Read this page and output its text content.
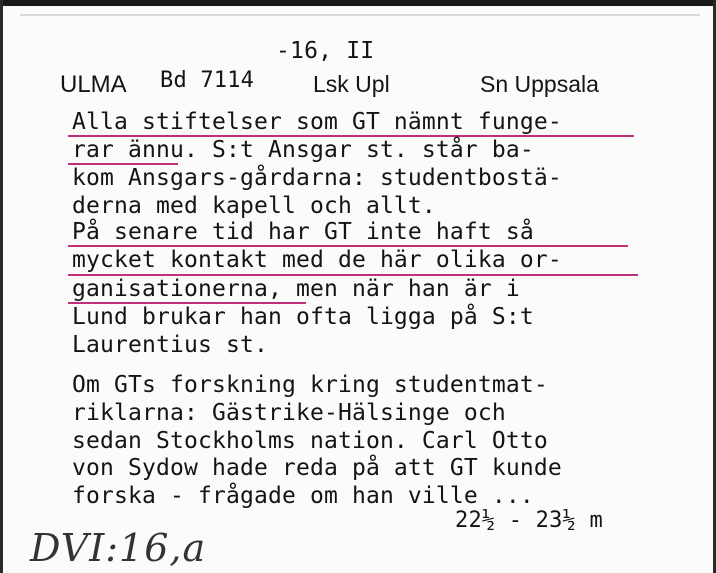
-16, II
ULMA Bd 7114	Lsk Upl	Sn Uppsala
Alla stiftelser som GT nämnt funge-
rar ännu. S:t Ansgar st. står ba-
kom Ansgars-gårdarna: studentbostä-
derna med kapell och allt.
På senare tid har GT inte haft så
mycket kontakt med de här olika or-
ganisationerna, men när han är i
Lund brukar han ofta ligga på S:t
Laurentius st.
Om GTs forskning kring studentmat-
riklarna: Gästrike-Hälsinge och
sedan Stockholms nation. Carl Otto
von Sydow hade reda på att GT kunde
forska - frågade om han ville ...
22½ - 23½ m
DVI:16,a
